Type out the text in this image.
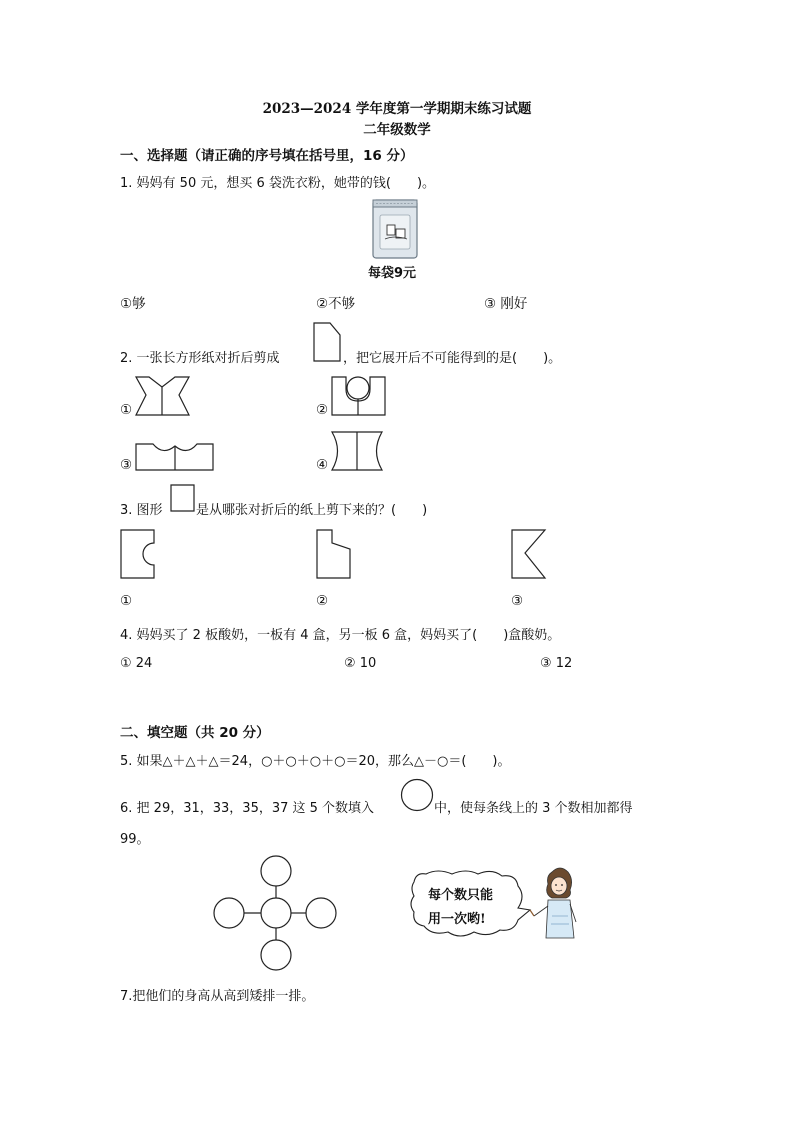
2023—2024 学年度第一学期期末练习试题
二年级数学
一、选择题（请正确的序号填在括号里，16 分）
1. 妈妈有 50 元，想买 6 袋洗衣粉，她带的钱(　　)。
每袋9元
①够	②不够	③ 刚好
2. 一张长方形纸对折后剪成	，把它展开后不可能得到的是(　　)。
①	②
③	④
3. 图形	是从哪张对折后的纸上剪下来的？(　　)
①	②	③
4. 妈妈买了 2 板酸奶，一板有 4 盒，另一板 6 盒，妈妈买了(　　)盒酸奶。
① 24	② 10	③ 12
二、填空题（共 20 分）
5. 如果△＋△＋△＝24，○＋○＋○＋○＝20，那么△－○＝(　　)。
6. 把 29，31，33，35，37 这 5 个数填入	中，使每条线上的 3 个数相加都得
99。
每个数只能
用一次哟!
7.把他们的身高从高到矮排一排。
